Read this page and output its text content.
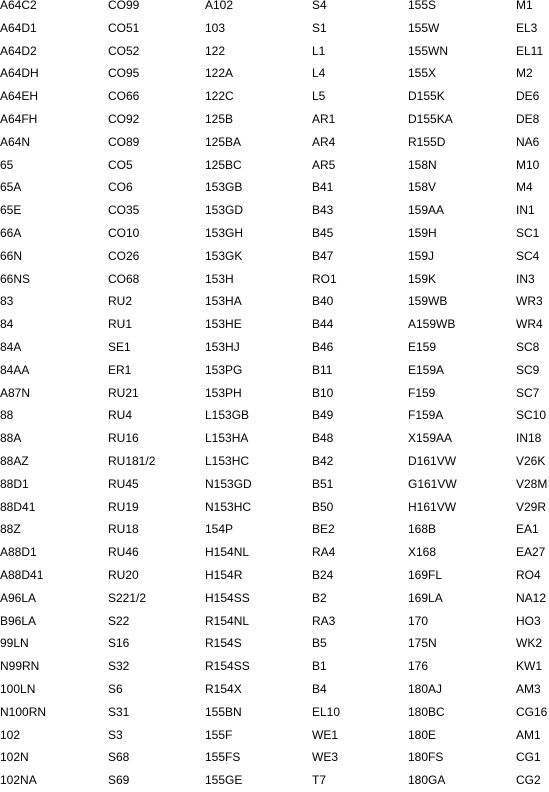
A64C2	CO99	A102	S4	155S	M1
A64D1	CO51	103	S1	155W	EL3
A64D2	CO52	122	L1	155WN	EL11
A64DH	CO95	122A	L4	155X	M2
A64EH	CO66	122C	L5	D155K	DE6
A64FH	CO92	125B	AR1	D155KA	DE8
A64N	CO89	125BA	AR4	R155D	NA6
65	CO5	125BC	AR5	158N	M10
65A	CO6	153GB	B41	158V	M4
65E	CO35	153GD	B43	159AA	IN1
66A	CO10	153GH	B45	159H	SC1
66N	CO26	153GK	B47	159J	SC4
66NS	CO68	153H	RO1	159K	IN3
83	RU2	153HA	B40	159WB	WR3
84	RU1	153HE	B44	A159WB	WR4
84A	SE1	153HJ	B46	E159	SC8
84AA	ER1	153PG	B11	E159A	SC9
A87N	RU21	153PH	B10	F159	SC7
88	RU4	L153GB	B49	F159A	SC10
88A	RU16	L153HA	B48	X159AA	IN18
88AZ	RU181/2	L153HC	B42	D161VW	V26K
88D1	RU45	N153GD	B51	G161VW	V28M
88D41	RU19	N153HC	B50	H161VW	V29R
88Z	RU18	154P	BE2	168B	EA1
A88D1	RU46	H154NL	RA4	X168	EA27
A88D41	RU20	H154R	B24	169FL	RO4
A96LA	S221/2	H154SS	B2	169LA	NA12
B96LA	S22	R154NL	RA3	170	HO3
99LN	S16	R154S	B5	175N	WK2
N99RN	S32	R154SS	B1	176	KW1
100LN	S6	R154X	B4	180AJ	AM3
N100RN	S31	155BN	EL10	180BC	CG16
102	S3	155F	WE1	180E	AM1
102N	S68	155FS	WE3	180FS	CG1
102NA	S69	155GE	T7	180GA	CG2
